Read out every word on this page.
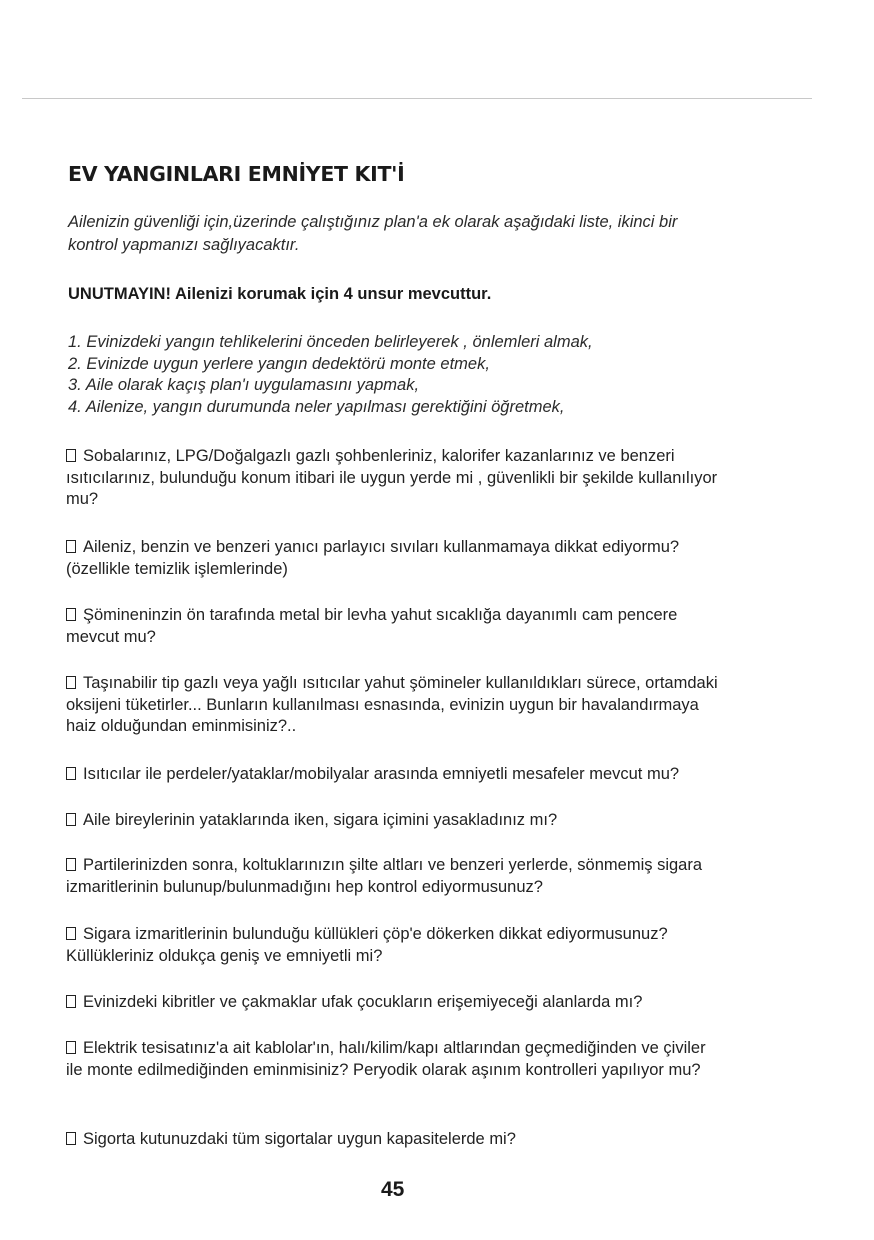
EV YANGINLARI EMNİYET KIT'İ
Ailenizin güvenliği için,üzerinde çalıştığınız plan'a ek olarak aşağıdaki liste, ikinci bir kontrol yapmanızı sağlıyacaktır.
UNUTMAYIN! Ailenizi korumak için 4 unsur mevcuttur.
1. Evinizdeki yangın tehlikelerini önceden belirleyerek , önlemleri almak,
2. Evinizde uygun yerlere yangın dedektörü monte etmek,
3. Aile olarak kaçış plan'ı uygulamasını yapmak,
4. Ailenize, yangın durumunda neler yapılması gerektiğini öğretmek,
Sobalarınız, LPG/Doğalgazlı gazlı şohbenleriniz, kalorifer kazanlarınız ve benzeri ısıtıcılarınız, bulunduğu konum itibari ile uygun yerde mi , güvenlikli bir şekilde kullanılıyor mu?
Aileniz, benzin ve benzeri yanıcı parlayıcı sıvıları kullanmamaya dikkat ediyormu? (özellikle temizlik işlemlerinde)
Şömineninzin ön tarafında metal bir levha yahut sıcaklığa dayanımlı cam pencere mevcut mu?
Taşınabilir tip gazlı veya yağlı ısıtıcılar yahut şömineler kullanıldıkları sürece, ortamdaki oksijeni tüketirler... Bunların kullanılması esnasında, evinizin uygun bir havalandırmaya haiz olduğundan eminmisiniz?..
Isıtıcılar ile perdeler/yataklar/mobilyalar arasında emniyetli mesafeler mevcut mu?
Aile bireylerinin yataklarında iken, sigara içimini yasakladınız mı?
Partilerinizden sonra, koltuklarınızın şilte altları ve benzeri yerlerde, sönmemiş sigara izmaritlerinin bulunup/bulunmadığını hep kontrol ediyormusunuz?
Sigara izmaritlerinin bulunduğu küllükleri çöp'e dökerken dikkat ediyormusunuz? Küllükleriniz oldukça geniş ve emniyetli mi?
Evinizdeki kibritler ve çakmaklar ufak çocukların erişemiyeceği alanlarda mı?
Elektrik tesisatınız'a ait kablolar'ın, halı/kilim/kapı altlarından geçmediğinden ve çiviler ile monte edilmediğinden eminmisiniz? Peryodik olarak aşınım kontrolleri yapılıyor mu?
Sigorta kutunuzdaki tüm sigortalar uygun kapasitelerde mi?
45
